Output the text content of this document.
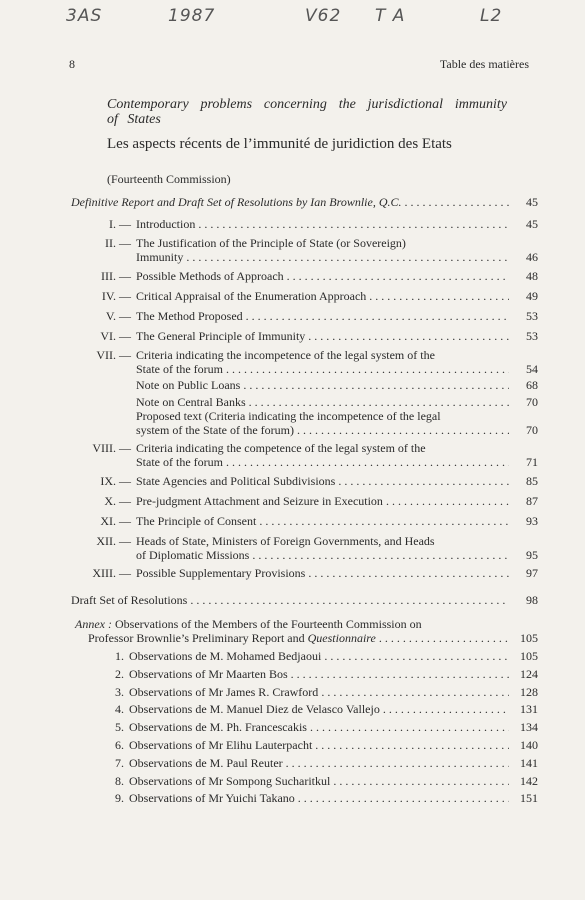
3AS	1987	V62 T A	L2
8	Table des matières
Contemporary problems concerning the jurisdictional immunity of States
Les aspects récents de l’immunité de juridiction des Etats
(Fourteenth Commission)
Definitive Report and Draft Set of Resolutions by Ian Brownlie, Q.C. . . .	45
I. — Introduction . . .	45
II. — The Justification of the Principle of State (or Sovereign)
Immunity . . .	46
III. — Possible Methods of Approach . . .	48
IV. — Critical Appraisal of the Enumeration Approach . . .	49
V. — The Method Proposed . . .	53
VI. — The General Principle of Immunity . . .	53
VII. — Criteria indicating the incompetence of the legal system of the
State of the forum . . .	54
Note on Public Loans . . .	68
Note on Central Banks . . .	70
Proposed text (Criteria indicating the incompetence of the legal
system of the State of the forum) . . .	70
VIII. — Criteria indicating the competence of the legal system of the
State of the forum . . .	71
IX. — State Agencies and Political Subdivisions . . .	85
X. — Pre-judgment Attachment and Seizure in Execution . . .	87
XI. — The Principle of Consent . . .	93
XII. — Heads of State, Ministers of Foreign Governments, and Heads
of Diplomatic Missions . . .	95
XIII. — Possible Supplementary Provisions . . .	97
Draft Set of Resolutions . . .	98
Annex : Observations of the Members of the Fourteenth Commission on
Professor Brownlie’s Preliminary Report and Questionnaire . . .	105
1. Observations de M. Mohamed Bedjaoui . . .	105
2. Observations of Mr Maarten Bos . . .	124
3. Observations of Mr James R. Crawford . . .	128
4. Observations de M. Manuel Diez de Velasco Vallejo . . .	131
5. Observations de M. Ph. Francescakis . . .	134
6. Observations of Mr Elihu Lauterpacht . . .	140
7. Observations de M. Paul Reuter . . .	141
8. Observations of Mr Sompong Sucharitkul . . .	142
9. Observations of Mr Yuichi Takano . . .	151
